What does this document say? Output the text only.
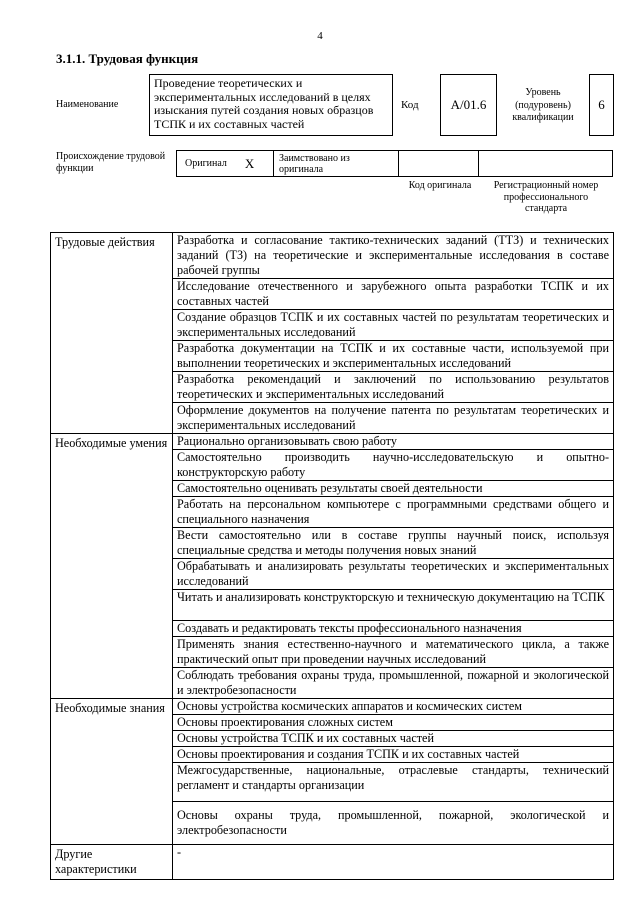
4
3.1.1. Трудовая функция
Наименование
Проведение теоретических и экспериментальных исследований в целях изыскания путей создания новых образцов ТСПК и их составных частей
Код А/01.6
Уровень (подуровень) квалификации
6
Происхождение трудовой функции	Оригинал X	Заимствовано из оригинала
Код оригинала	Регистрационный номер профессионального стандарта
Трудовые действия	Разработка и согласование тактико-технических заданий (ТТЗ) и технических заданий (ТЗ) на теоретические и экспериментальные исследования в составе рабочей группы
	Исследование отечественного и зарубежного опыта разработки ТСПК и их составных частей
	Создание образцов ТСПК и их составных частей по результатам теоретических и экспериментальных исследований
	Разработка документации на ТСПК и их составные части, используемой при выполнении теоретических и экспериментальных исследований
	Разработка рекомендаций и заключений по использованию результатов теоретических и экспериментальных исследований
	Оформление документов на получение патента по результатам теоретических и экспериментальных исследований
Необходимые умения	Рационально организовывать свою работу
	Самостоятельно производить научно-исследовательскую и опытно-конструкторскую работу
	Самостоятельно оценивать результаты своей деятельности
	Работать на персональном компьютере с программными средствами общего и специального назначения
	Вести самостоятельно или в составе группы научный поиск, используя специальные средства и методы получения новых знаний
	Обрабатывать и анализировать результаты теоретических и экспериментальных исследований
	Читать и анализировать конструкторскую и техническую документацию на ТСПК
	Создавать и редактировать тексты профессионального назначения
	Применять знания естественно-научного и математического цикла, а также практический опыт при проведении научных исследований
	Соблюдать требования охраны труда, промышленной, пожарной и экологической и электробезопасности
Необходимые знания	Основы устройства космических аппаратов и космических систем
	Основы проектирования сложных систем
	Основы устройства ТСПК и их составных частей
	Основы проектирования и создания ТСПК и их составных частей
	Межгосударственные, национальные, отраслевые стандарты, технический регламент и стандарты организации
	Основы охраны труда, промышленной, пожарной, экологической и электробезопасности
Другие характеристики	-
